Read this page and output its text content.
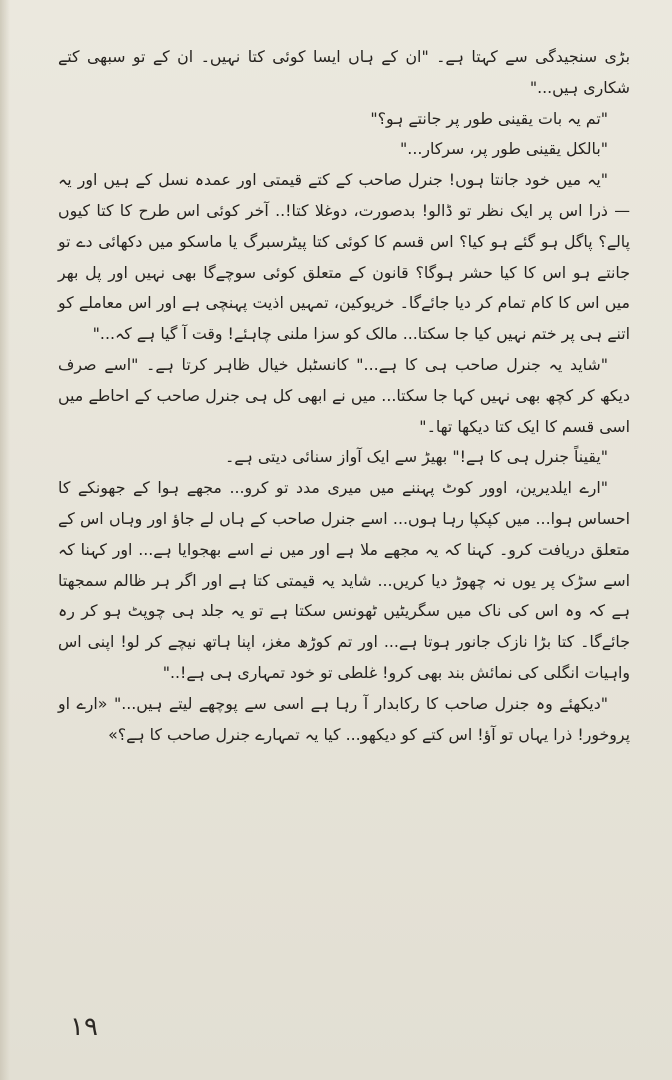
بڑی سنجیدگی سے کہتا ہے۔ "ان کے ہاں ایسا کوئی کتا نہیں۔ ان کے تو سبھی کتے شکاری ہیں..."

"تم یہ بات یقینی طور پر جانتے ہو؟"

"بالکل یقینی طور پر، سرکار..."

"یہ میں خود جانتا ہوں! جنرل صاحب کے کتے قیمتی اور عمدہ نسل کے ہیں اور یہ — ذرا اس پر ایک نظر تو ڈالو! بدصورت، دوغلا کتا!.. آخر کوئی اس طرح کا کتا کیوں پالے؟ پاگل ہو گئے ہو کیا؟ اس قسم کا کوئی کتا پیٹرسبرگ یا ماسکو میں دکھائی دے تو جانتے ہو اس کا کیا حشر ہوگا؟ قانون کے متعلق کوئی سوچےگا بھی نہیں اور پل بھر میں اس کا کام تمام کر دیا جائےگا۔ خریوکین، تمہیں اذیت پہنچی ہے اور اس معاملے کو اتنے ہی پر ختم نہیں کیا جا سکتا... مالک کو سزا ملنی چاہئے! وقت آ گیا ہے کہ..."

"شاید یہ جنرل صاحب ہی کا ہے..." کانسٹبل خیال ظاہر کرتا ہے۔ "اسے صرف دیکھ کر کچھ بھی نہیں کہا جا سکتا... میں نے ابھی کل ہی جنرل صاحب کے احاطے میں اسی قسم کا ایک کتا دیکھا تھا۔"

"یقیناً جنرل ہی کا ہے!" بھیڑ سے ایک آواز سنائی دیتی ہے۔

"ارے ایلدیرین، اوور کوٹ پہننے میں میری مدد تو کرو... مجھے ہوا کے جھونکے کا احساس ہوا... میں کپکپا رہا ہوں... اسے جنرل صاحب کے ہاں لے جاؤ اور وہاں اس کے متعلق دریافت کرو۔ کہنا کہ یہ مجھے ملا ہے اور میں نے اسے بھجوایا ہے... اور کہنا کہ اسے سڑک پر یوں نہ چھوڑ دیا کریں... شاید یہ قیمتی کتا ہے اور اگر ہر ظالم سمجھتا ہے کہ وہ اس کی ناک میں سگریٹیں ٹھونس سکتا ہے تو یہ جلد ہی چوپٹ ہو کر رہ جائےگا۔ کتا بڑا نازک جانور ہوتا ہے... اور تم کوڑھ مغز، اپنا ہاتھ نیچے کر لو! اپنی اس واہیات انگلی کی نمائش بند بھی کرو! غلطی تو خود تمہاری ہی ہے!.."

"دیکھئے وہ جنرل صاحب کا رکابدار آ رہا ہے اسی سے پوچھے لیتے ہیں..." «ارے او پروخور! ذرا یہاں تو آؤ! اس کتے کو دیکھو... کیا یہ تمہارے جنرل صاحب کا ہے؟»

۱۹
